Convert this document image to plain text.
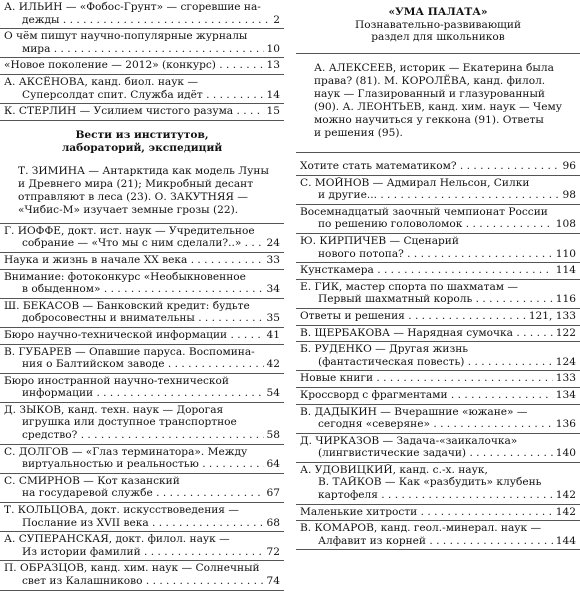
А. ИЛЬИН — «Фобос-Грунт» — сгоревшие на-
дежды . . .	2
О чём пишут научно-популярные журналы
мира . . .	10
«Новое поколение — 2012» (конкурс) . . .	13
А. АКСЁНОВА, канд. биол. наук —
Суперсолдат спит. Служба идёт . . .	14
К. СТЕРЛИН — Усилием чистого разума . . .	15
Вести из институтов,
лабораторий, экспедиций
Т. ЗИМИНА — Антарктида как модель Луны
и Древнего мира (21); Микробный десант
отправляют в леса (23). О. ЗАКУТНЯЯ —
«Чибис-М» изучает земные грозы (22).
Г. ИОФФЕ, докт. ист. наук — Учредительное
собрание — «Что мы с ним сделали?..» . . .	24
Наука и жизнь в начале XX века . . .	33
Внимание: фотоконкурс «Необыкновенное
в обыденном» . . .	34
Ш. БЕКАСОВ — Банковский кредит: будьте
добросовестны и внимательны . . .	35
Бюро научно-технической информации . . .	41
В. ГУБАРЕВ — Опавшие паруса. Воспомина-
ния о Балтийском заводе . . .	42
Бюро иностранной научно-технической
информации . . .	54
Д. ЗЫКОВ, канд. техн. наук — Дорогая
игрушка или доступное транспортное
средство? . . .	58
С. ДОЛГОВ — «Глаз терминатора». Между
виртуальностью и реальностью . . .	64
С. СМИРНОВ — Кот казанский
на государевой службе . . .	67
Т. КОЛЬЦОВА, докт. искусствоведения —
Послание из XVII века . . .	68
А. СУПЕРАНСКАЯ, докт. филол. наук —
Из истории фамилий . . .	72
П. ОБРАЗЦОВ, канд. хим. наук — Солнечный
свет из Калашниково . . .	74
«УМА ПАЛАТА»
Познавательно-развивающий
раздел для школьников
А. АЛЕКСЕЕВ, историк — Екатерина была
права? (81). М. КОРОЛЁВА, канд. филол.
наук — Глазированный и глазурованный
(90). А. ЛЕОНТЬЕВ, канд. хим. наук — Чему
можно научиться у геккона (91). Ответы
и решения (95).
Хотите стать математиком? . . .	96
С. МОЙНОВ — Адмирал Нельсон, Силки
и другие... . . .	98
Восемнадцатый заочный чемпионат России
по решению головоломок . . .	108
Ю. КИРПИЧЕВ — Сценарий
нового потопа? . . .	110
Кунсткамера . . .	114
Е. ГИК, мастер спорта по шахматам —
Первый шахматный король . . .	116
Ответы и решения . . .	121, 133
В. ЩЕРБАКОВА — Нарядная сумочка . . .	122
Б. РУДЕНКО — Другая жизнь
(фантастическая повесть) . . .	124
Новые книги . . .	133
Кроссворд с фрагментами . . .	134
В. ДАДЫКИН — Вчерашние «южане» —
сегодня «северяне» . . .	136
Д. ЧИРКАЗОВ — Задача-«заикалочка»
(лингвистические задачи) . . .	140
А. УДОВИЦКИЙ, канд. с.-х. наук,
В. ТАЙКОВ — Как «разбудить» клубень
картофеля . . .	142
Маленькие хитрости . . .	142
В. КОМАРОВ, канд. геол.-минерал. наук —
Алфавит из корней . . .	144
